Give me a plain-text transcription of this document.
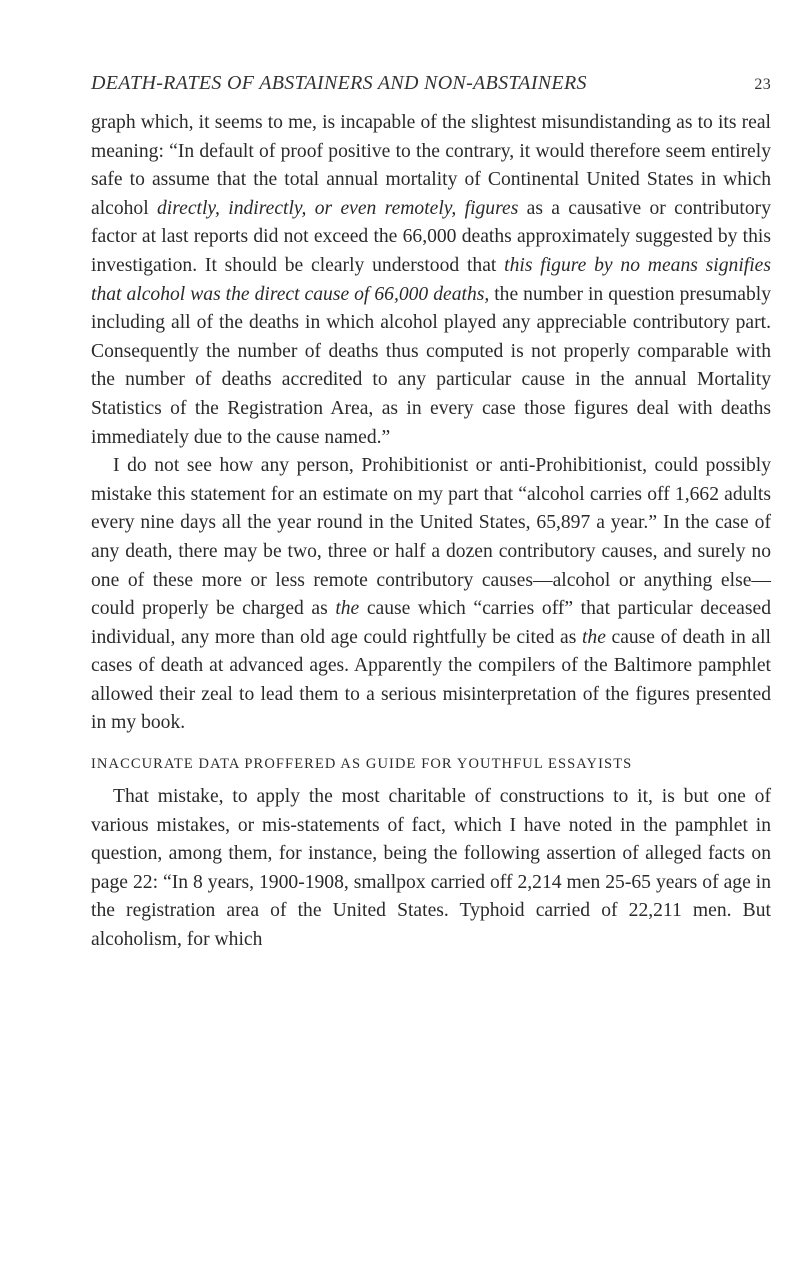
DEATH-RATES OF ABSTAINERS AND NON-ABSTAINERS	23

graph which, it seems to me, is incapable of the slightest misundistanding as to its real meaning: “In default of proof positive to the contrary, it would therefore seem entirely safe to assume that the total annual mortality of Continental United States in which alcohol directly, indirectly, or even remotely, figures as a causative or contributory factor at last reports did not exceed the 66,000 deaths approximately suggested by this investigation. It should be clearly understood that this figure by no means signifies that alcohol was the direct cause of 66,000 deaths, the number in question presumably including all of the deaths in which alcohol played any appreciable contributory part. Consequently the number of deaths thus computed is not properly comparable with the number of deaths accredited to any particular cause in the annual Mortality Statistics of the Registration Area, as in every case those figures deal with deaths immediately due to the cause named.”

I do not see how any person, Prohibitionist or anti-Prohibitionist, could possibly mistake this statement for an estimate on my part that “alcohol carries off 1,662 adults every nine days all the year round in the United States, 65,897 a year.” In the case of any death, there may be two, three or half a dozen contributory causes, and surely no one of these more or less remote contributory causes—alcohol or anything else—could properly be charged as the cause which “carries off” that particular deceased individual, any more than old age could rightfully be cited as the cause of death in all cases of death at advanced ages. Apparently the compilers of the Baltimore pamphlet allowed their zeal to lead them to a serious misinterpretation of the figures presented in my book.

INACCURATE DATA PROFFERED AS GUIDE FOR YOUTHFUL ESSAYISTS

That mistake, to apply the most charitable of constructions to it, is but one of various mistakes, or mis-statements of fact, which I have noted in the pamphlet in question, among them, for instance, being the following assertion of alleged facts on page 22: “In 8 years, 1900-1908, smallpox carried off 2,214 men 25-65 years of age in the registration area of the United States. Typhoid carried of 22,211 men. But alcoholism, for which
